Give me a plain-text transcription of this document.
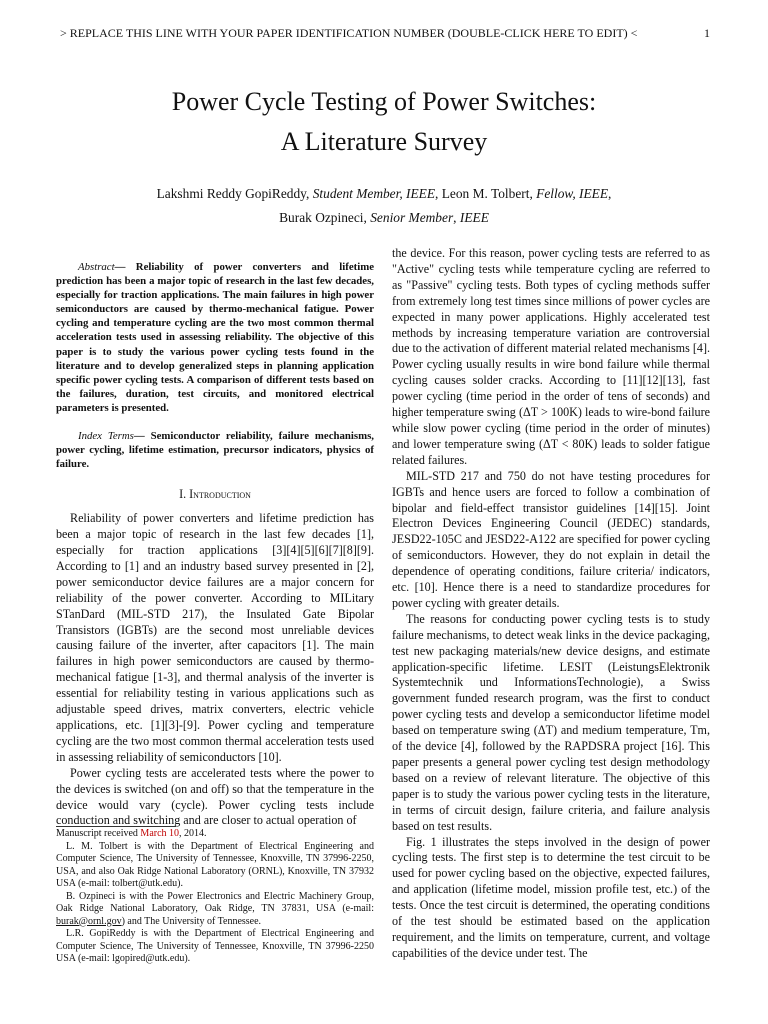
> REPLACE THIS LINE WITH YOUR PAPER IDENTIFICATION NUMBER (DOUBLE-CLICK HERE TO EDIT) <	1
Power Cycle Testing of Power Switches:
A Literature Survey
Lakshmi Reddy GopiReddy, Student Member, IEEE, Leon M. Tolbert, Fellow, IEEE,
Burak Ozpineci, Senior Member, IEEE

Abstract— Reliability of power converters and lifetime prediction has been a major topic of research in the last few decades, especially for traction applications. The main failures in high power semiconductors are caused by thermo-mechanical fatigue. Power cycling and temperature cycling are the two most common thermal acceleration tests used in assessing reliability. The objective of this paper is to study the various power cycling tests found in the literature and to develop generalized steps in planning application specific power cycling tests. A comparison of different tests based on the failures, duration, test circuits, and monitored electrical parameters is presented.

Index Terms— Semiconductor reliability, failure mechanisms, power cycling, lifetime estimation, precursor indicators, physics of failure.

I. Introduction

Reliability of power converters and lifetime prediction has been a major topic of research in the last few decades [1], especially for traction applications [3][4][5][6][7][8][9]. According to [1] and an industry based survey presented in [2], power semiconductor device failures are a major concern for reliability of the power converter. According to MILitary STanDard (MIL-STD 217), the Insulated Gate Bipolar Transistors (IGBTs) are the second most unreliable devices causing failure of the inverter, after capacitors [1]. The main failures in high power semiconductors are caused by thermo-mechanical fatigue [1-3], and thermal analysis of the inverter is essential for reliability testing in various applications such as adjustable speed drives, matrix converters, electric vehicle applications, etc. [1][3]-[9]. Power cycling and temperature cycling are the two most common thermal acceleration tests used in assessing reliability of semiconductors [10].

Power cycling tests are accelerated tests where the power to the devices is switched (on and off) so that the temperature in the device would vary (cycle). Power cycling tests include conduction and switching and are closer to actual operation of

the device. For this reason, power cycling tests are referred to as "Active" cycling tests while temperature cycling are referred to as "Passive" cycling tests. Both types of cycling methods suffer from extremely long test times since millions of power cycles are expected in many power applications. Highly accelerated test methods by increasing temperature variation are controversial due to the activation of different material related mechanisms [4]. Power cycling usually results in wire bond failure while thermal cycling causes solder cracks. According to [11][12][13], fast power cycling (time period in the order of tens of seconds) and higher temperature swing (ΔT > 100K) leads to wire-bond failure while slow power cycling (time period in the order of minutes) and lower temperature swing (ΔT < 80K) leads to solder fatigue related failures.

MIL-STD 217 and 750 do not have testing procedures for IGBTs and hence users are forced to follow a combination of bipolar and field-effect transistor guidelines [14][15]. Joint Electron Devices Engineering Council (JEDEC) standards, JESD22-105C and JESD22-A122 are specified for power cycling of semiconductors. However, they do not explain in detail the dependence of operating conditions, failure criteria/ indicators, etc. [10]. Hence there is a need to standardize procedures for power cycling with greater details.

The reasons for conducting power cycling tests is to study failure mechanisms, to detect weak links in the device packaging, test new packaging materials/new device designs, and estimate application-specific lifetime. LESIT (LeistungsElektronik Systemtechnik und InformationsTechnologie), a Swiss government funded research program, was the first to conduct power cycling tests and develop a semiconductor lifetime model based on temperature swing (ΔT) and medium temperature, Tm, of the device [4], followed by the RAPDSRA project [16]. This paper presents a general power cycling test design methodology based on a review of relevant literature. The objective of this paper is to study the various power cycling tests in the literature, in terms of circuit design, failure criteria, and failure analysis based on test results.

Fig. 1 illustrates the steps involved in the design of power cycling tests. The first step is to determine the test circuit to be used for power cycling based on the objective, expected failures, and application (lifetime model, mission profile test, etc.) of the tests. Once the test circuit is determined, the operating conditions of the test should be estimated based on the application requirement, and the limits on temperature, current, and voltage capabilities of the device under test. The

Manuscript received March 10, 2014.

L. M. Tolbert is with the Department of Electrical Engineering and Computer Science, The University of Tennessee, Knoxville, TN 37996-2250, USA, and also Oak Ridge National Laboratory (ORNL), Knoxville, TN 37932 USA (e-mail: tolbert@utk.edu).

B. Ozpineci is with the Power Electronics and Electric Machinery Group, Oak Ridge National Laboratory, Oak Ridge, TN 37831, USA (e-mail: burak@ornl.gov) and The University of Tennessee.

L.R. GopiReddy is with the Department of Electrical Engineering and Computer Science, The University of Tennessee, Knoxville, TN 37996-2250 USA (e-mail: lgopired@utk.edu).
